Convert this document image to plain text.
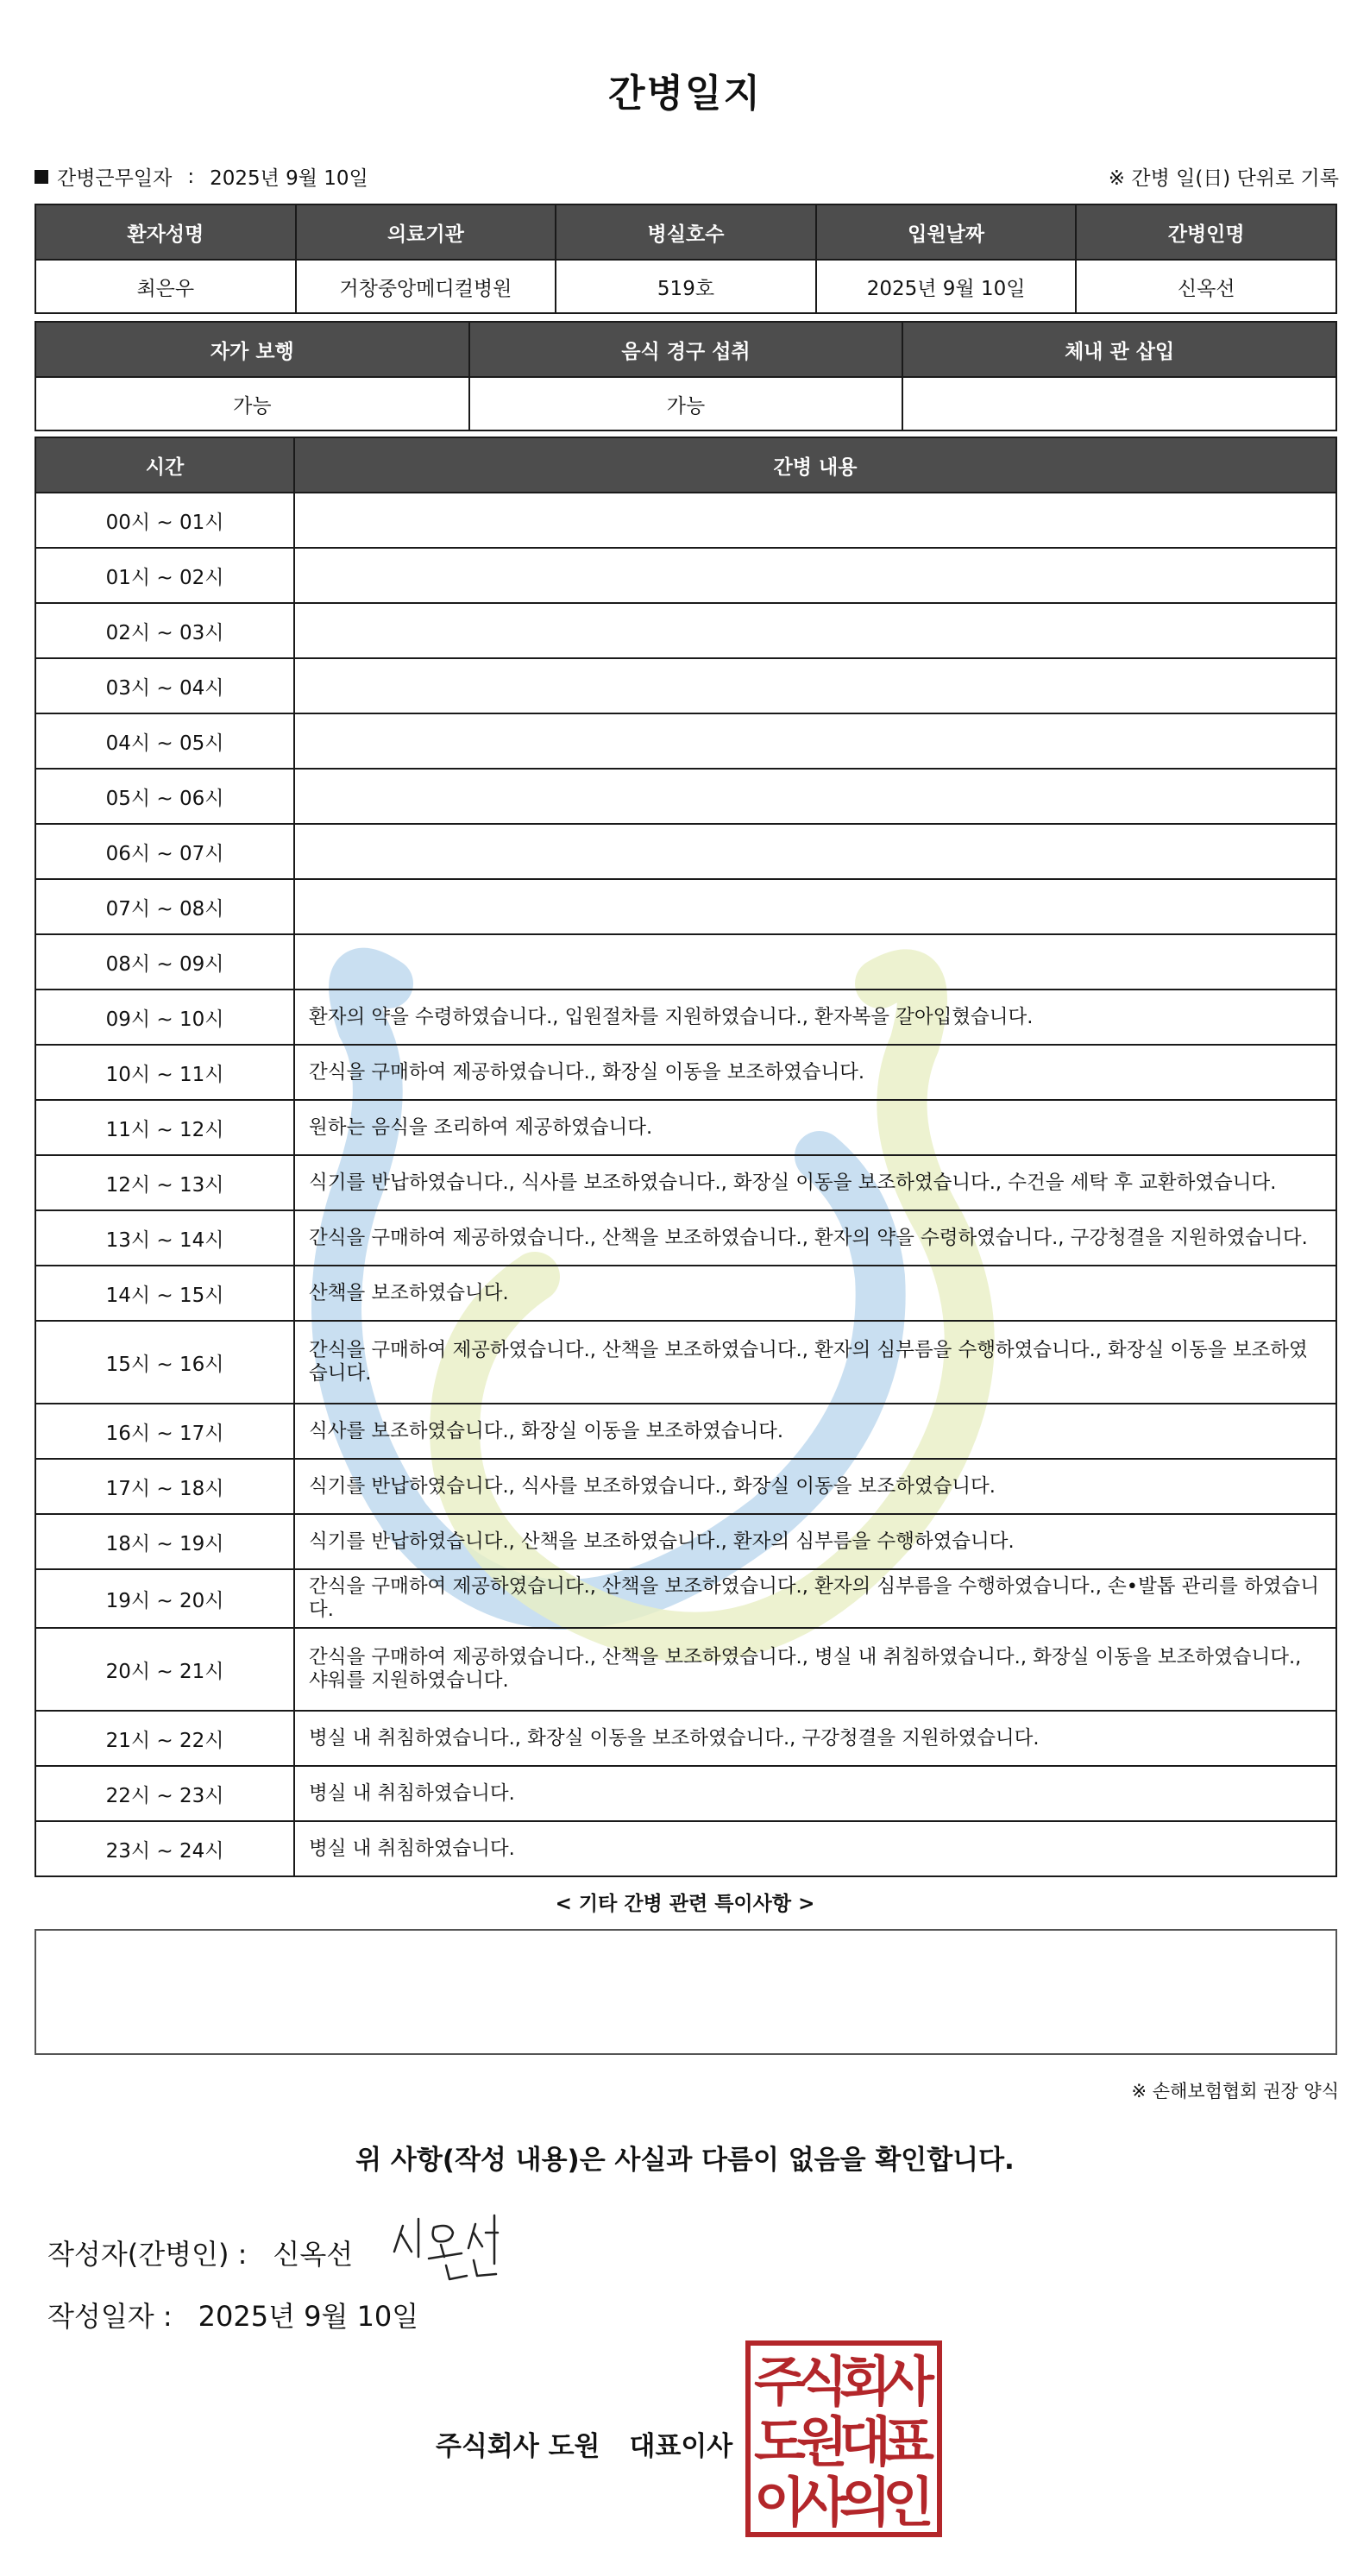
간병일지
간병근무일자 : 2025년 9월 10일	※ 간병 일(日) 단위로 기록
환자성명	의료기관	병실호수	입원날짜	간병인명
최은우	거창중앙메디컬병원	519호	2025년 9월 10일	신옥선
자가 보행	음식 경구 섭취	체내 관 삽입
가능	가능	
시간	간병 내용
00시 ~ 01시	
01시 ~ 02시	
02시 ~ 03시	
03시 ~ 04시	
04시 ~ 05시	
05시 ~ 06시	
06시 ~ 07시	
07시 ~ 08시	
08시 ~ 09시	
09시 ~ 10시	환자의 약을 수령하였습니다., 입원절차를 지원하였습니다., 환자복을 갈아입혔습니다.
10시 ~ 11시	간식을 구매하여 제공하였습니다., 화장실 이동을 보조하였습니다.
11시 ~ 12시	원하는 음식을 조리하여 제공하였습니다.
12시 ~ 13시	식기를 반납하였습니다., 식사를 보조하였습니다., 화장실 이동을 보조하였습니다., 수건을 세탁 후 교환하였습니다.
13시 ~ 14시	간식을 구매하여 제공하였습니다., 산책을 보조하였습니다., 환자의 약을 수령하였습니다., 구강청결을 지원하였습니다.
14시 ~ 15시	산책을 보조하였습니다.
15시 ~ 16시	간식을 구매하여 제공하였습니다., 산책을 보조하였습니다., 환자의 심부름을 수행하였습니다., 화장실 이동을 보조하였습니다.
16시 ~ 17시	식사를 보조하였습니다., 화장실 이동을 보조하였습니다.
17시 ~ 18시	식기를 반납하였습니다., 식사를 보조하였습니다., 화장실 이동을 보조하였습니다.
18시 ~ 19시	식기를 반납하였습니다., 산책을 보조하였습니다., 환자의 심부름을 수행하였습니다.
19시 ~ 20시	간식을 구매하여 제공하였습니다., 산책을 보조하였습니다., 환자의 심부름을 수행하였습니다., 손•발톱 관리를 하였습니다.
20시 ~ 21시	간식을 구매하여 제공하였습니다., 산책을 보조하였습니다., 병실 내 취침하였습니다., 화장실 이동을 보조하였습니다., 샤워를 지원하였습니다.
21시 ~ 22시	병실 내 취침하였습니다., 화장실 이동을 보조하였습니다., 구강청결을 지원하였습니다.
22시 ~ 23시	병실 내 취침하였습니다.
23시 ~ 24시	병실 내 취침하였습니다.
< 기타 간병 관련 특이사항 >
※ 손해보험협회 권장 양식
위 사항(작성 내용)은 사실과 다름이 없음을 확인합니다.
작성자(간병인) : 신옥선
작성일자 : 2025년 9월 10일
주식회사 도원 대표이사
주
식
회
사
도
원
대
표
이
사
의
인
